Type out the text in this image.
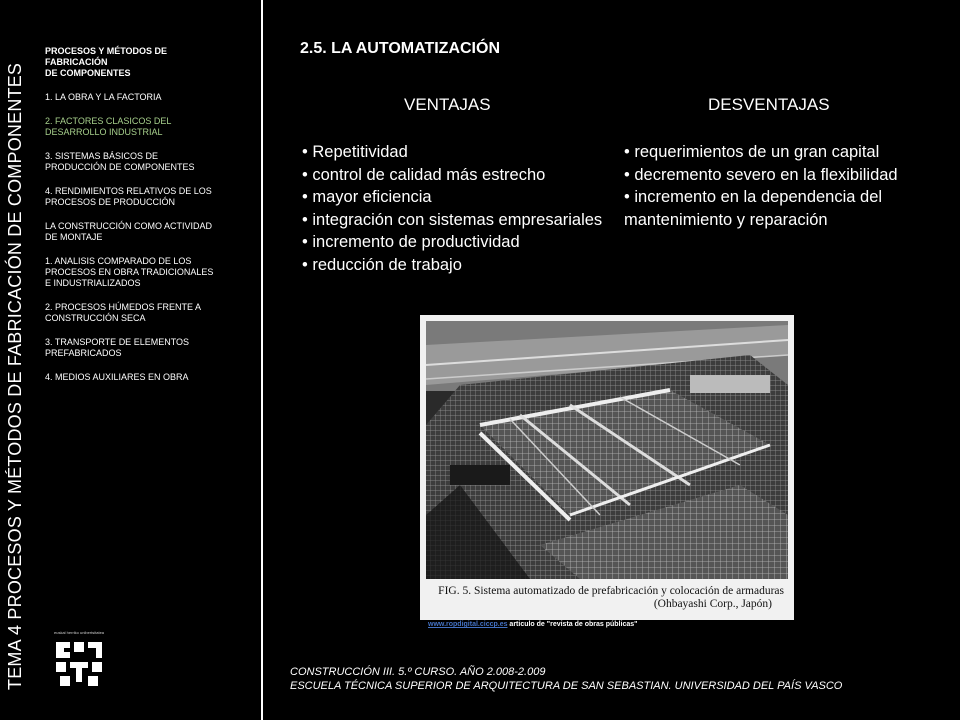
TEMA 4 PROCESOS Y MÉTODOS DE FABRICACIÓN DE COMPONENTES
PROCESOS Y MÉTODOS DE
FABRICACIÓN
DE COMPONENTES
1. LA OBRA Y LA FACTORIA
2. FACTORES CLASICOS DEL
DESARROLLO INDUSTRIAL
3. SISTEMAS BÁSICOS DE
PRODUCCIÓN DE COMPONENTES
4. RENDIMIENTOS RELATIVOS DE LOS
PROCESOS DE PRODUCCIÓN
LA CONSTRUCCIÓN COMO ACTIVIDAD
DE MONTAJE
1. ANALISIS COMPARADO DE LOS
PROCESOS EN OBRA TRADICIONALES
E INDUSTRIALIZADOS
2. PROCESOS HÚMEDOS FRENTE A
CONSTRUCCIÓN SECA
3. TRANSPORTE DE ELEMENTOS
PREFABRICADOS
4. MEDIOS AUXILIARES EN OBRA
euskal herriko unibertsitatea
2.5. LA AUTOMATIZACIÓN
VENTAJAS	DESVENTAJAS
• Repetitividad
• control de calidad más estrecho
• mayor eficiencia
• integración con sistemas empresariales
• incremento de productividad
• reducción de trabajo
• requerimientos de un gran capital
• decremento severo en la flexibilidad
• incremento en la dependencia del mantenimiento y reparación
FIG. 5. Sistema automatizado de prefabricación y colocación de armaduras
(Ohbayashi Corp., Japón)
www.ropdigital.ciccp.es articulo de "revista de obras públicas"
CONSTRUCCIÓN III. 5.º CURSO. AÑO 2.008-2.009
ESCUELA TÉCNICA SUPERIOR DE ARQUITECTURA DE SAN SEBASTIAN. UNIVERSIDAD DEL PAÍS VASCO
